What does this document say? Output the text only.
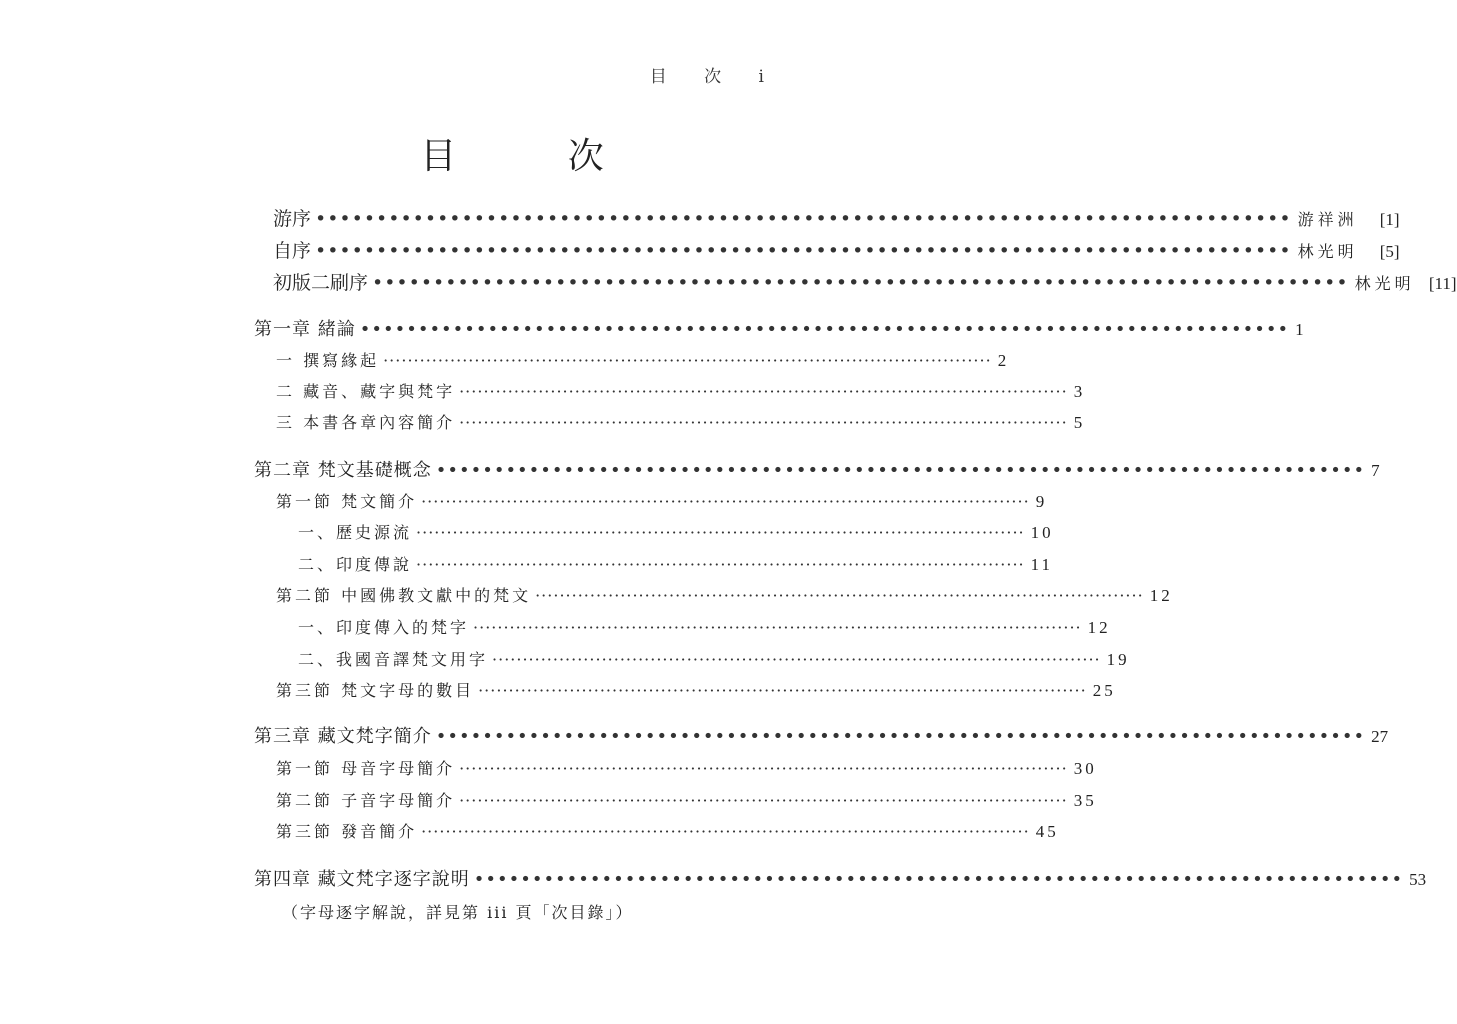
目 次 i
目 次
游序 •••••••••••••••••••••••••••••••••••••••••••••••••••••••••••••••••••••••••••••••• 游祥洲	[1]
自序 •••••••••••••••••••••••••••••••••••••••••••••••••••••••••••••••••••••••••••••••• 林光明	[5]
初版二刷序 •••••••••••••••••••••••••••••••••••••••••••••••••••••••••••••••••••••••••••••••• 林光明 [11]
第一章 緒論 •••••••••••••••••••••••••••••••••••••••••••••••••••••••••••••••••••••••••••••••• 1
一 撰寫緣起 ···································································································· 2
二 藏音、藏字與梵字 ···································································································· 3
三 本書各章內容簡介 ···································································································· 5
第二章 梵文基礎概念 •••••••••••••••••••••••••••••••••••••••••••••••••••••••••••••••••••••••••••••••• 7
第一節 梵文簡介 ···································································································· 9
一、歷史源流 ···································································································· 10
二、印度傳說 ···································································································· 11
第二節 中國佛教文獻中的梵文 ···································································································· 12
一、印度傳入的梵字 ···································································································· 12
二、我國音譯梵文用字 ···································································································· 19
第三節 梵文字母的數目 ···································································································· 25
第三章 藏文梵字簡介 •••••••••••••••••••••••••••••••••••••••••••••••••••••••••••••••••••••••••••••••• 27
第一節 母音字母簡介 ···································································································· 30
第二節 子音字母簡介 ···································································································· 35
第三節 發音簡介 ···································································································· 45
第四章 藏文梵字逐字說明 •••••••••••••••••••••••••••••••••••••••••••••••••••••••••••••••••••••••••••••••• 53
（字母逐字解說，詳見第 iii 頁「次目錄」）
